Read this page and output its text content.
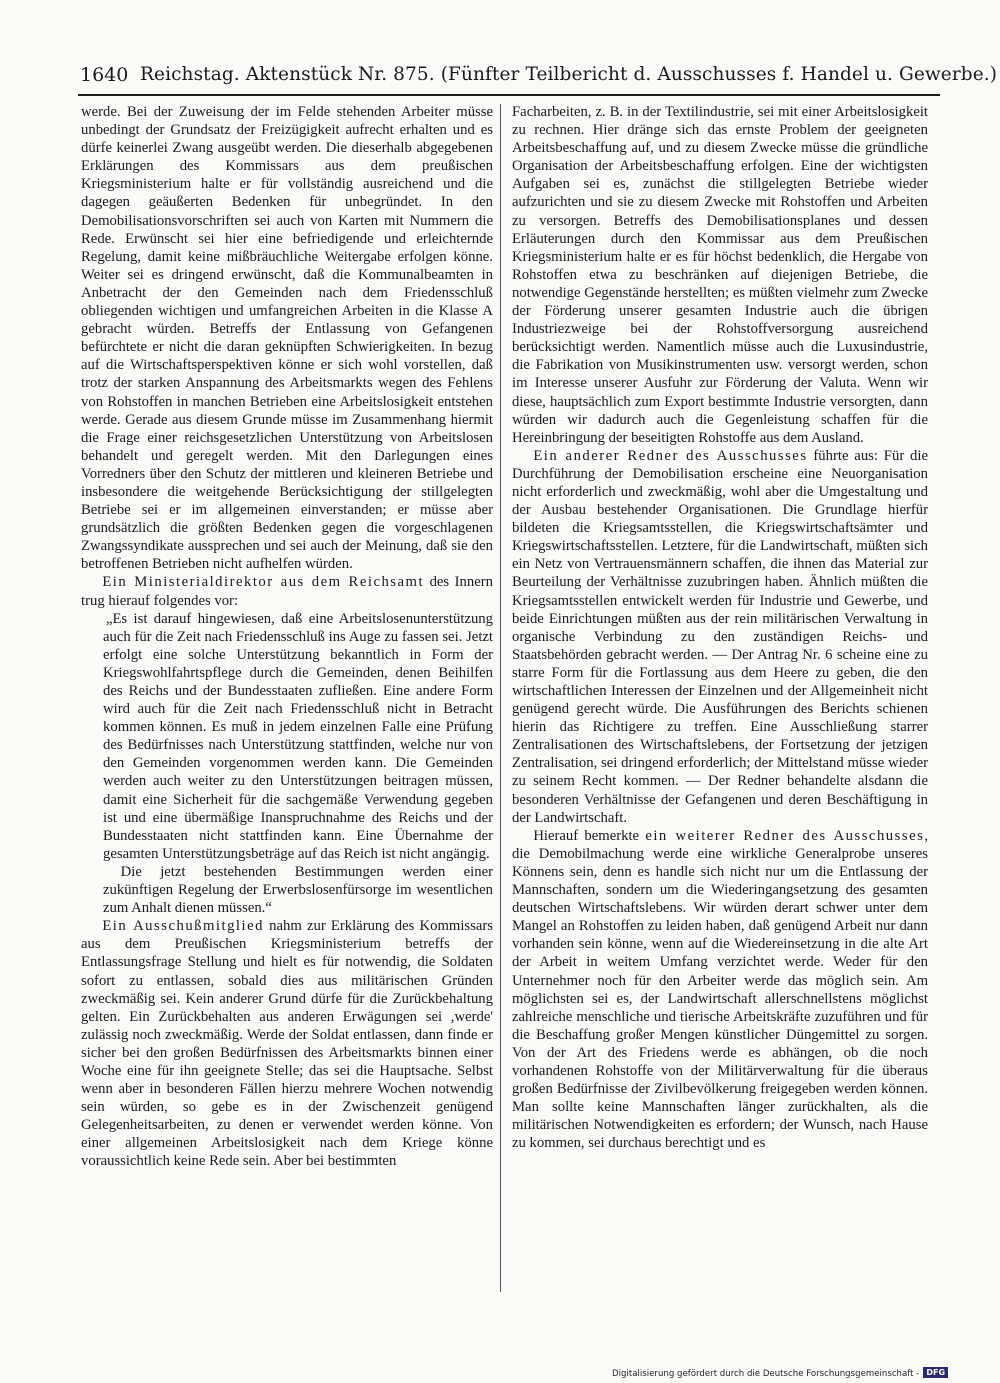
1640 Reichstag. Aktenstück Nr. 875. (Fünfter Teilbericht d. Ausschusses f. Handel u. Gewerbe.)

werde. Bei der Zuweisung der im Felde stehenden Arbeiter müsse unbedingt der Grundsatz der Freizügigkeit aufrecht erhalten und es dürfe keinerlei Zwang ausgeübt werden. Die dieserhalb abgegebenen Erklärungen des Kommissars aus dem preußischen Kriegsministerium halte er für vollständig ausreichend und die dagegen geäußerten Bedenken für unbegründet. In den Demobilisationsvorschriften sei auch von Karten mit Nummern die Rede. Erwünscht sei hier eine befriedigende und erleichternde Regelung, damit keine mißbräuchliche Weitergabe erfolgen könne. Weiter sei es dringend erwünscht, daß die Kommunalbeamten in Anbetracht der den Gemeinden nach dem Friedensschluß obliegenden wichtigen und umfangreichen Arbeiten in die Klasse A gebracht würden. Betreffs der Entlassung von Gefangenen befürchtete er nicht die daran geknüpften Schwierigkeiten. In bezug auf die Wirtschaftsperspektiven könne er sich wohl vorstellen, daß trotz der starken Anspannung des Arbeitsmarkts wegen des Fehlens von Rohstoffen in manchen Betrieben eine Arbeitslosigkeit entstehen werde. Gerade aus diesem Grunde müsse im Zusammenhang hiermit die Frage einer reichsgesetzlichen Unterstützung von Arbeitslosen behandelt und geregelt werden. Mit den Darlegungen eines Vorredners über den Schutz der mittleren und kleineren Betriebe und insbesondere die weitgehende Berücksichtigung der stillgelegten Betriebe sei er im allgemeinen einverstanden; er müsse aber grundsätzlich die größten Bedenken gegen die vorgeschlagenen Zwangssyndikate aussprechen und sei auch der Meinung, daß sie den betroffenen Betrieben nicht aufhelfen würden.

Ein Ministerialdirektor aus dem Reichsamt des Innern trug hierauf folgendes vor:

„Es ist darauf hingewiesen, daß eine Arbeitslosenunterstützung auch für die Zeit nach Friedensschluß ins Auge zu fassen sei. Jetzt erfolgt eine solche Unterstützung bekanntlich in Form der Kriegswohlfahrtspflege durch die Gemeinden, denen Beihilfen des Reichs und der Bundesstaaten zufließen. Eine andere Form wird auch für die Zeit nach Friedensschluß nicht in Betracht kommen können. Es muß in jedem einzelnen Falle eine Prüfung des Bedürfnisses nach Unterstützung stattfinden, welche nur von den Gemeinden vorgenommen werden kann. Die Gemeinden werden auch weiter zu den Unterstützungen beitragen müssen, damit eine Sicherheit für die sachgemäße Verwendung gegeben ist und eine übermäßige Inanspruchnahme des Reichs und der Bundesstaaten nicht stattfinden kann. Eine Übernahme der gesamten Unterstützungsbeträge auf das Reich ist nicht angängig.

Die jetzt bestehenden Bestimmungen werden einer zukünftigen Regelung der Erwerbslosenfürsorge im wesentlichen zum Anhalt dienen müssen.“

Ein Ausschußmitglied nahm zur Erklärung des Kommissars aus dem Preußischen Kriegsministerium betreffs der Entlassungsfrage Stellung und hielt es für notwendig, die Soldaten sofort zu entlassen, sobald dies aus militärischen Gründen zweckmäßig sei. Kein anderer Grund dürfe für die Zurückbehaltung gelten. Ein Zurückbehalten aus anderen Erwägungen sei ,werde' zulässig noch zweckmäßig. Werde der Soldat entlassen, dann finde er sicher bei den großen Bedürfnissen des Arbeitsmarkts binnen einer Woche eine für ihn geeignete Stelle; das sei die Hauptsache. Selbst wenn aber in besonderen Fällen hierzu mehrere Wochen notwendig sein würden, so gebe es in der Zwischenzeit genügend Gelegenheitsarbeiten, zu denen er verwendet werden könne. Von einer allgemeinen Arbeitslosigkeit nach dem Kriege könne voraussichtlich keine Rede sein. Aber bei bestimmten

Facharbeiten, z. B. in der Textilindustrie, sei mit einer Arbeitslosigkeit zu rechnen. Hier dränge sich das ernste Problem der geeigneten Arbeitsbeschaffung auf, und zu diesem Zwecke müsse die gründliche Organisation der Arbeitsbeschaffung erfolgen. Eine der wichtigsten Aufgaben sei es, zunächst die stillgelegten Betriebe wieder aufzurichten und sie zu diesem Zwecke mit Rohstoffen und Arbeiten zu versorgen. Betreffs des Demobilisationsplanes und dessen Erläuterungen durch den Kommissar aus dem Preußischen Kriegsministerium halte er es für höchst bedenklich, die Hergabe von Rohstoffen etwa zu beschränken auf diejenigen Betriebe, die notwendige Gegenstände herstellten; es müßten vielmehr zum Zwecke der Förderung unserer gesamten Industrie auch die übrigen Industriezweige bei der Rohstoffversorgung ausreichend berücksichtigt werden. Namentlich müsse auch die Luxusindustrie, die Fabrikation von Musikinstrumenten usw. versorgt werden, schon im Interesse unserer Ausfuhr zur Förderung der Valuta. Wenn wir diese, hauptsächlich zum Export bestimmte Industrie versorgten, dann würden wir dadurch auch die Gegenleistung schaffen für die Hereinbringung der beseitigten Rohstoffe aus dem Ausland.

Ein anderer Redner des Ausschusses führte aus: Für die Durchführung der Demobilisation erscheine eine Neuorganisation nicht erforderlich und zweckmäßig, wohl aber die Umgestaltung und der Ausbau bestehender Organisationen. Die Grundlage hierfür bildeten die Kriegsamtsstellen, die Kriegswirtschaftsämter und Kriegswirtschaftsstellen. Letztere, für die Landwirtschaft, müßten sich ein Netz von Vertrauensmännern schaffen, die ihnen das Material zur Beurteilung der Verhältnisse zuzubringen haben. Ähnlich müßten die Kriegsamtsstellen entwickelt werden für Industrie und Gewerbe, und beide Einrichtungen müßten aus der rein militärischen Verwaltung in organische Verbindung zu den zuständigen Reichs- und Staatsbehörden gebracht werden. — Der Antrag Nr. 6 scheine eine zu starre Form für die Fortlassung aus dem Heere zu geben, die den wirtschaftlichen Interessen der Einzelnen und der Allgemeinheit nicht genügend gerecht würde. Die Ausführungen des Berichts schienen hierin das Richtigere zu treffen. Eine Ausschließung starrer Zentralisationen des Wirtschaftslebens, der Fortsetzung der jetzigen Zentralisation, sei dringend erforderlich; der Mittelstand müsse wieder zu seinem Recht kommen. — Der Redner behandelte alsdann die besonderen Verhältnisse der Gefangenen und deren Beschäftigung in der Landwirtschaft.

Hierauf bemerkte ein weiterer Redner des Ausschusses, die Demobilmachung werde eine wirkliche Generalprobe unseres Könnens sein, denn es handle sich nicht nur um die Entlassung der Mannschaften, sondern um die Wiederingangsetzung des gesamten deutschen Wirtschaftslebens. Wir würden derart schwer unter dem Mangel an Rohstoffen zu leiden haben, daß genügend Arbeit nur dann vorhanden sein könne, wenn auf die Wiedereinsetzung in die alte Art der Arbeit in weitem Umfang verzichtet werde. Weder für den Unternehmer noch für den Arbeiter werde das möglich sein. Am möglichsten sei es, der Landwirtschaft allerschnellstens möglichst zahlreiche menschliche und tierische Arbeitskräfte zuzuführen und für die Beschaffung großer Mengen künstlicher Düngemittel zu sorgen. Von der Art des Friedens werde es abhängen, ob die noch vorhandenen Rohstoffe von der Militärverwaltung für die überaus großen Bedürfnisse der Zivilbevölkerung freigegeben werden können. Man sollte keine Mannschaften länger zurückhalten, als die militärischen Notwendigkeiten es erfordern; der Wunsch, nach Hause zu kommen, sei durchaus berechtigt und es

Digitalisierung gefördert durch die Deutsche Forschungsgemeinschaft - DFG
